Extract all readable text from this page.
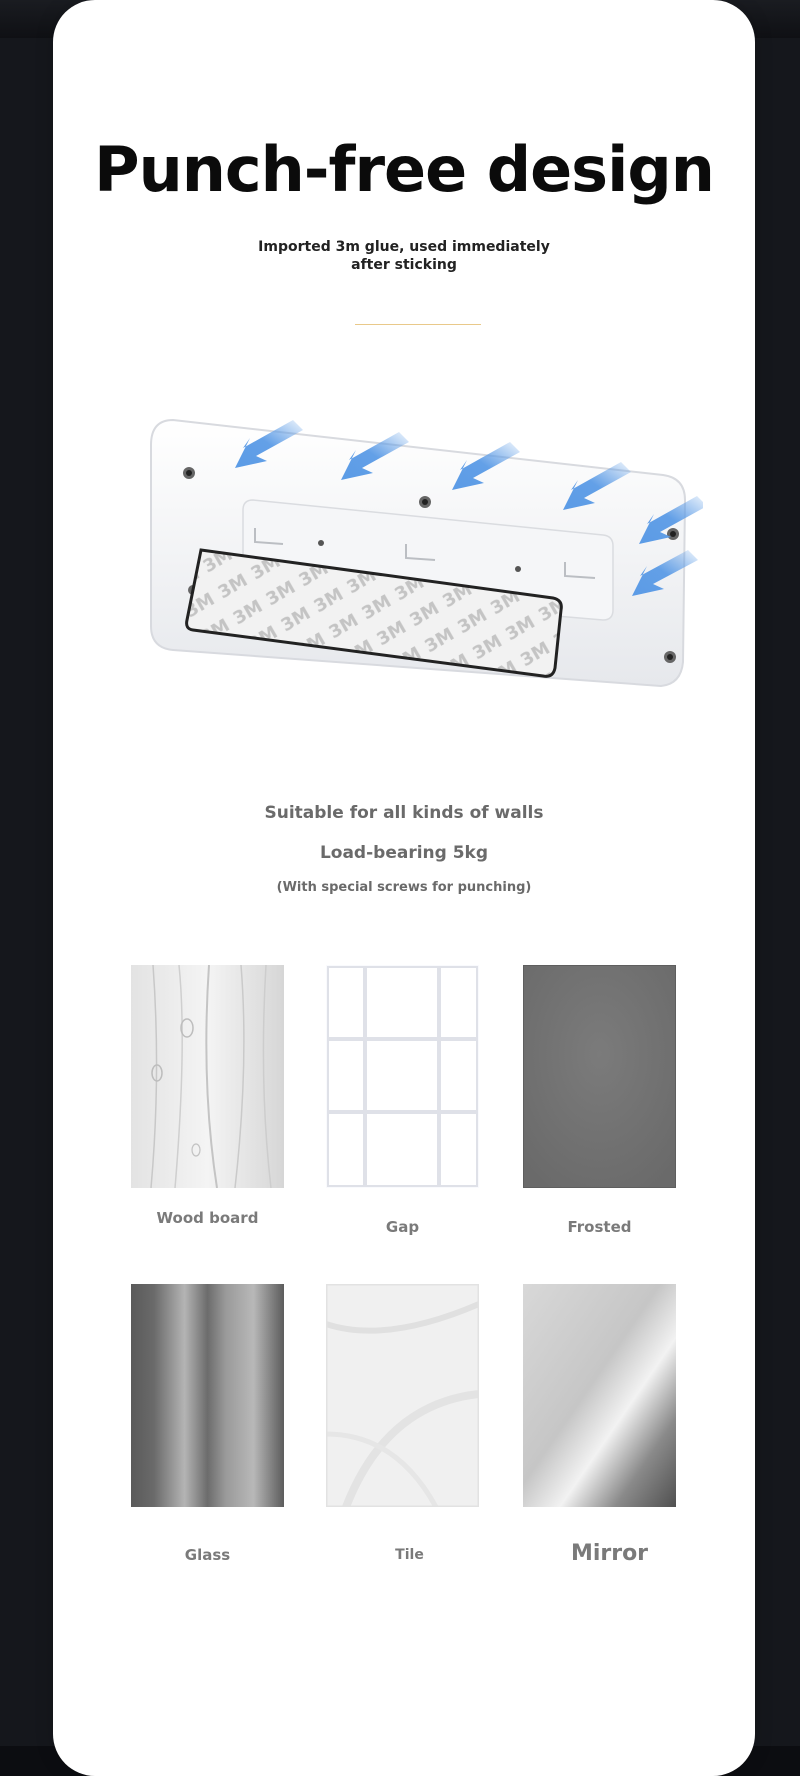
Punch-free design
Imported 3m glue, used immediately after sticking
Suitable for all kinds of walls
Load-bearing 5kg
(With special screws for punching)
Wood board	Gap	Frosted
Glass	Tile	Mirror
